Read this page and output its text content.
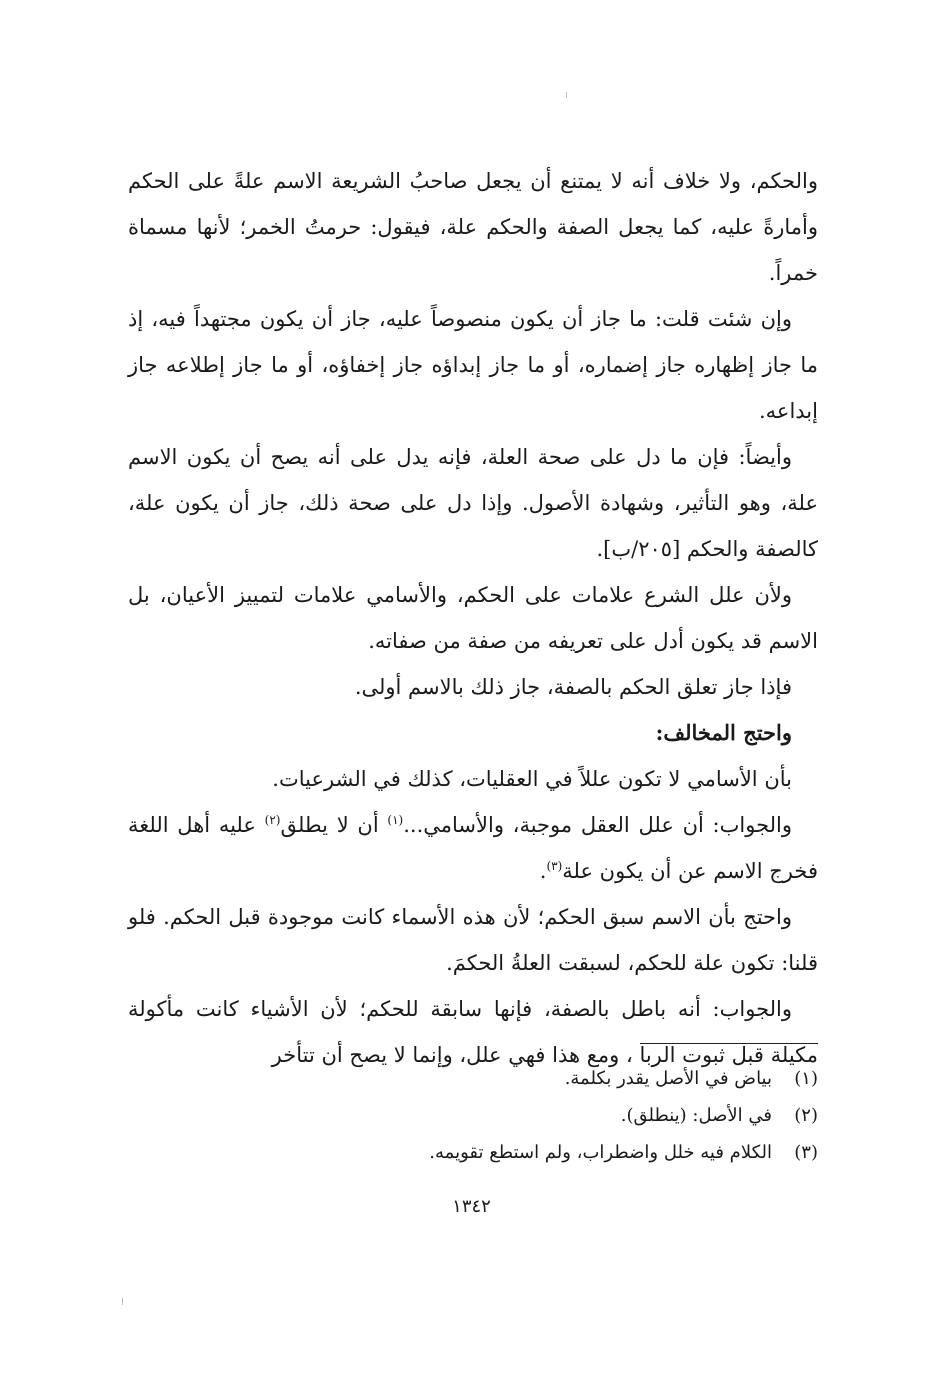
والحكم، ولا خلاف أنه لا يمتنع أن يجعل صاحبُ الشريعة الاسم علةً على الحكم وأمارةً عليه، كما يجعل الصفة والحكم علة، فيقول: حرمتُ الخمر؛ لأنها مسماة خمراً.

وإن شئت قلت: ما جاز أن يكون منصوصاً عليه، جاز أن يكون مجتهداً فيه، إذ ما جاز إظهاره جاز إضماره، أو ما جاز إبداؤه جاز إخفاؤه، أو ما جاز إطلاعه جاز إبداعه.

وأيضاً: فإن ما دل على صحة العلة، فإنه يدل على أنه يصح أن يكون الاسم علة، وهو التأثير، وشهادة الأصول. وإذا دل على صحة ذلك، جاز أن يكون علة، كالصفة والحكم [٢٠٥/ب].

ولأن علل الشرع علامات على الحكم، والأسامي علامات لتمييز الأعيان، بل الاسم قد يكون أدل على تعريفه من صفة من صفاته.

فإذا جاز تعلق الحكم بالصفة، جاز ذلك بالاسم أولى.

واحتج المخالف:

بأن الأسامي لا تكون عللاً في العقليات، كذلك في الشرعيات.

والجواب: أن علل العقل موجبة، والأسامي...$^{(١)}$ أن لا يطلق$^{(٢)}$ عليه أهل اللغة فخرج الاسم عن أن يكون علة$^{(٣)}$.

واحتج بأن الاسم سبق الحكم؛ لأن هذه الأسماء كانت موجودة قبل الحكم. فلو قلنا: تكون علة للحكم، لسبقت العلةُ الحكمَ.

والجواب: أنه باطل بالصفة، فإنها سابقة للحكم؛ لأن الأشياء كانت مأكولة مكيلة قبل ثبوت الربا ، ومع هذا فهي علل، وإنما لا يصح أن تتأخر

(١)بياض في الأصل يقدر بكلمة.

(٢)في الأصل: (ينطلق).

(٣)الكلام فيه خلل واضطراب، ولم استطع تقويمه.

١٣٤٢
